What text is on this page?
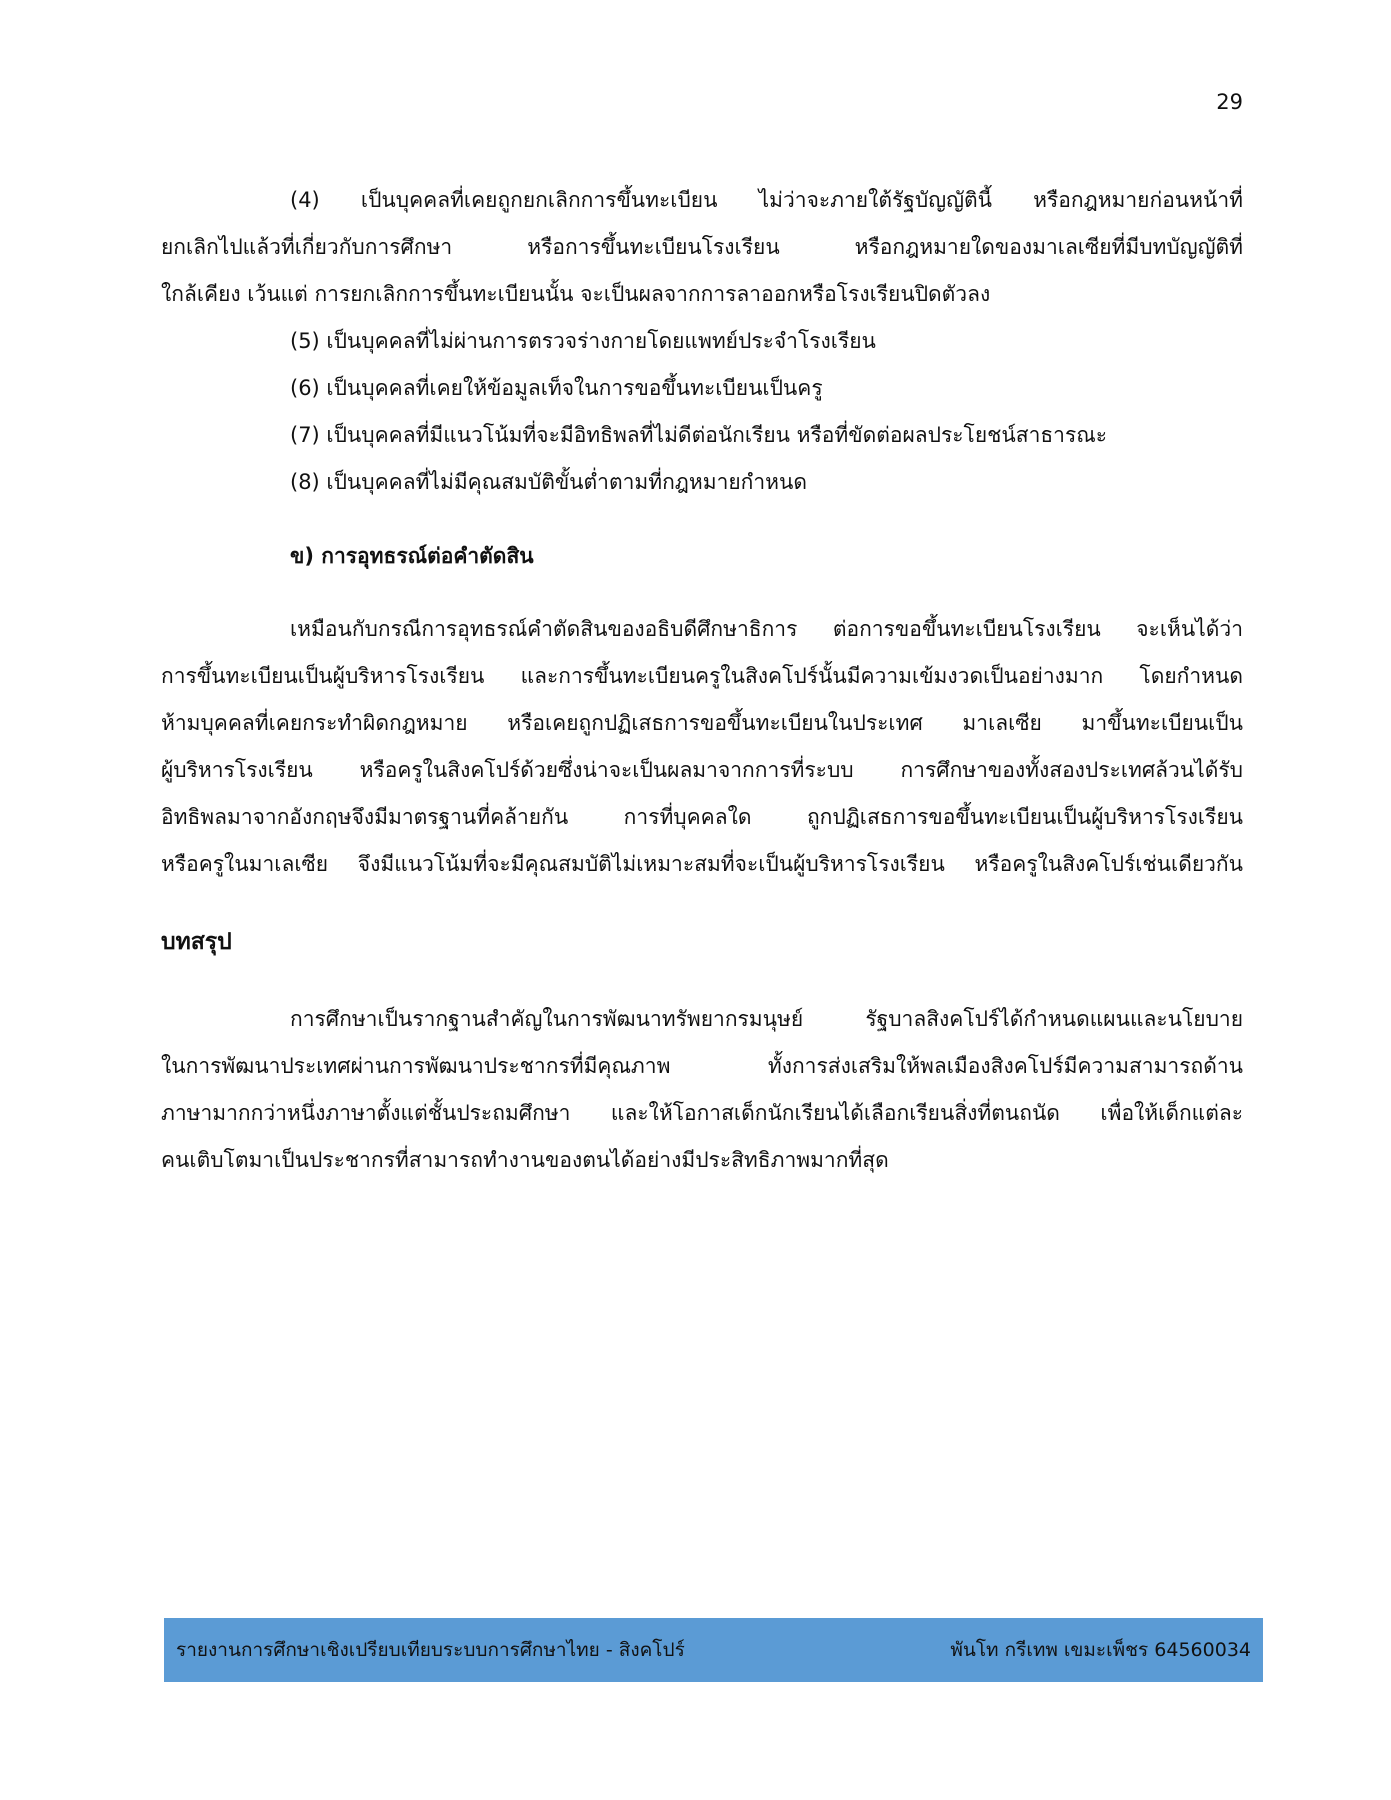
29
(4) เป็นบุคคลที่เคยถูกยกเลิกการขึ้นทะเบียน ไม่ว่าจะภายใต้รัฐบัญญัตินี้ หรือกฎหมายก่อนหน้าที่
ยกเลิกไปแล้วที่เกี่ยวกับการศึกษา หรือการขึ้นทะเบียนโรงเรียน หรือกฎหมายใดของมาเลเซียที่มีบทบัญญัติที่
ใกล้เคียง เว้นแต่ การยกเลิกการขึ้นทะเบียนนั้น จะเป็นผลจากการลาออกหรือโรงเรียนปิดตัวลง
(5) เป็นบุคคลที่ไม่ผ่านการตรวจร่างกายโดยแพทย์ประจำโรงเรียน
(6) เป็นบุคคลที่เคยให้ข้อมูลเท็จในการขอขึ้นทะเบียนเป็นครู
(7) เป็นบุคคลที่มีแนวโน้มที่จะมีอิทธิพลที่ไม่ดีต่อนักเรียน หรือที่ขัดต่อผลประโยชน์สาธารณะ
(8) เป็นบุคคลที่ไม่มีคุณสมบัติขั้นต่ำตามที่กฎหมายกำหนด
ข) การอุทธรณ์ต่อคำตัดสิน
เหมือนกับกรณีการอุทธรณ์คำตัดสินของอธิบดีศึกษาธิการ ต่อการขอขึ้นทะเบียนโรงเรียน จะเห็นได้ว่า
การขึ้นทะเบียนเป็นผู้บริหารโรงเรียน และการขึ้นทะเบียนครูในสิงคโปร์นั้นมีความเข้มงวดเป็นอย่างมาก โดยกำหนด
ห้ามบุคคลที่เคยกระทำผิดกฎหมาย หรือเคยถูกปฏิเสธการขอขึ้นทะเบียนในประเทศ มาเลเซีย มาขึ้นทะเบียนเป็น
ผู้บริหารโรงเรียน หรือครูในสิงคโปร์ด้วยซึ่งน่าจะเป็นผลมาจากการที่ระบบ การศึกษาของทั้งสองประเทศล้วนได้รับ
อิทธิพลมาจากอังกฤษจึงมีมาตรฐานที่คล้ายกัน การที่บุคคลใด ถูกปฏิเสธการขอขึ้นทะเบียนเป็นผู้บริหารโรงเรียน
หรือครูในมาเลเซีย จึงมีแนวโน้มที่จะมีคุณสมบัติไม่เหมาะสมที่จะเป็นผู้บริหารโรงเรียน หรือครูในสิงคโปร์เช่นเดียวกัน
บทสรุป
การศึกษาเป็นรากฐานสำคัญในการพัฒนาทรัพยากรมนุษย์ รัฐบาลสิงคโปร์ได้กำหนดแผนและนโยบาย
ในการพัฒนาประเทศผ่านการพัฒนาประชากรที่มีคุณภาพ ทั้งการส่งเสริมให้พลเมืองสิงคโปร์มีความสามารถด้าน
ภาษามากกว่าหนึ่งภาษาตั้งแต่ชั้นประถมศึกษา และให้โอกาสเด็กนักเรียนได้เลือกเรียนสิ่งที่ตนถนัด เพื่อให้เด็กแต่ละ
คนเติบโตมาเป็นประชากรที่สามารถทำงานของตนได้อย่างมีประสิทธิภาพมากที่สุด
รายงานการศึกษาเชิงเปรียบเทียบระบบการศึกษาไทย - สิงคโปร์	พันโท กรีเทพ เขมะเพ็ชร 64560034
